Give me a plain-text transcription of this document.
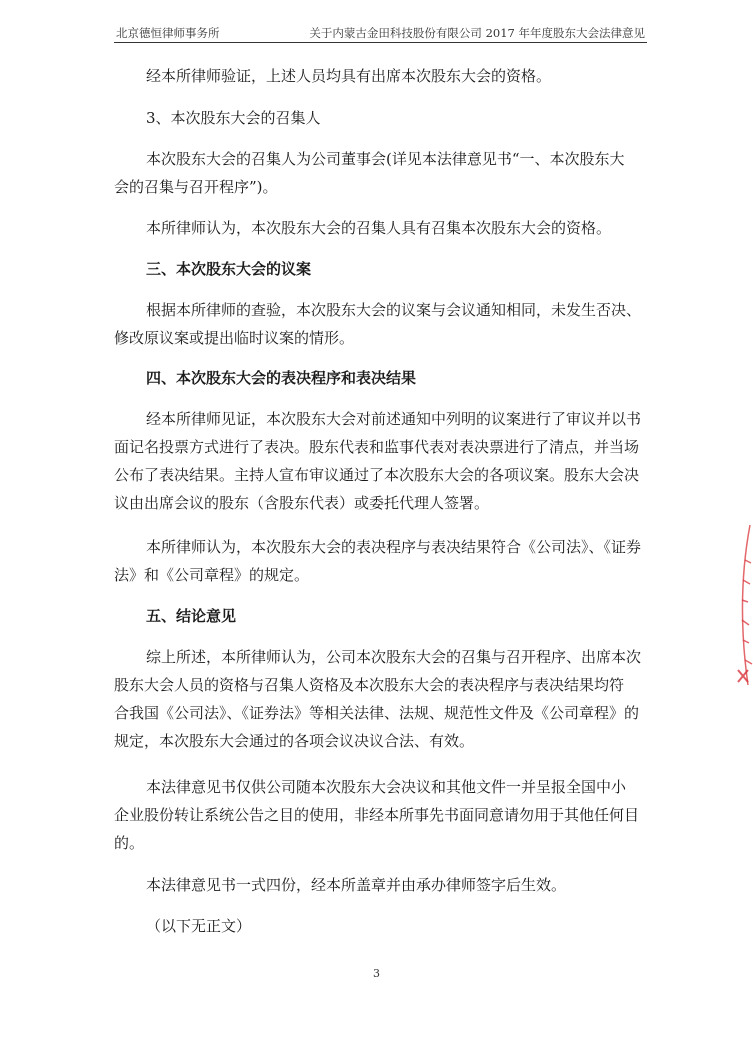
北京德恒律师事务所	关于内蒙古金田科技股份有限公司 2017 年年度股东大会法律意见

经本所律师验证，上述人员均具有出席本次股东大会的资格。

3、本次股东大会的召集人

本次股东大会的召集人为公司董事会(详见本法律意见书“一、本次股东大
会的召集与召开程序”)。

本所律师认为，本次股东大会的召集人具有召集本次股东大会的资格。

三、本次股东大会的议案

根据本所律师的查验，本次股东大会的议案与会议通知相同，未发生否决、
修改原议案或提出临时议案的情形。

四、本次股东大会的表决程序和表决结果

经本所律师见证，本次股东大会对前述通知中列明的议案进行了审议并以书
面记名投票方式进行了表决。股东代表和监事代表对表决票进行了清点，并当场
公布了表决结果。主持人宣布审议通过了本次股东大会的各项议案。股东大会决
议由出席会议的股东（含股东代表）或委托代理人签署。

本所律师认为，本次股东大会的表决程序与表决结果符合《公司法》、《证券
法》和《公司章程》的规定。

五、结论意见

综上所述，本所律师认为，公司本次股东大会的召集与召开程序、出席本次
股东大会人员的资格与召集人资格及本次股东大会的表决程序与表决结果均符
合我国《公司法》、《证券法》等相关法律、法规、规范性文件及《公司章程》的
规定，本次股东大会通过的各项会议决议合法、有效。

本法律意见书仅供公司随本次股东大会决议和其他文件一并呈报全国中小
企业股份转让系统公告之目的使用，非经本所事先书面同意请勿用于其他任何目
的。

本法律意见书一式四份，经本所盖章并由承办律师签字后生效。

（以下无正文）

3
